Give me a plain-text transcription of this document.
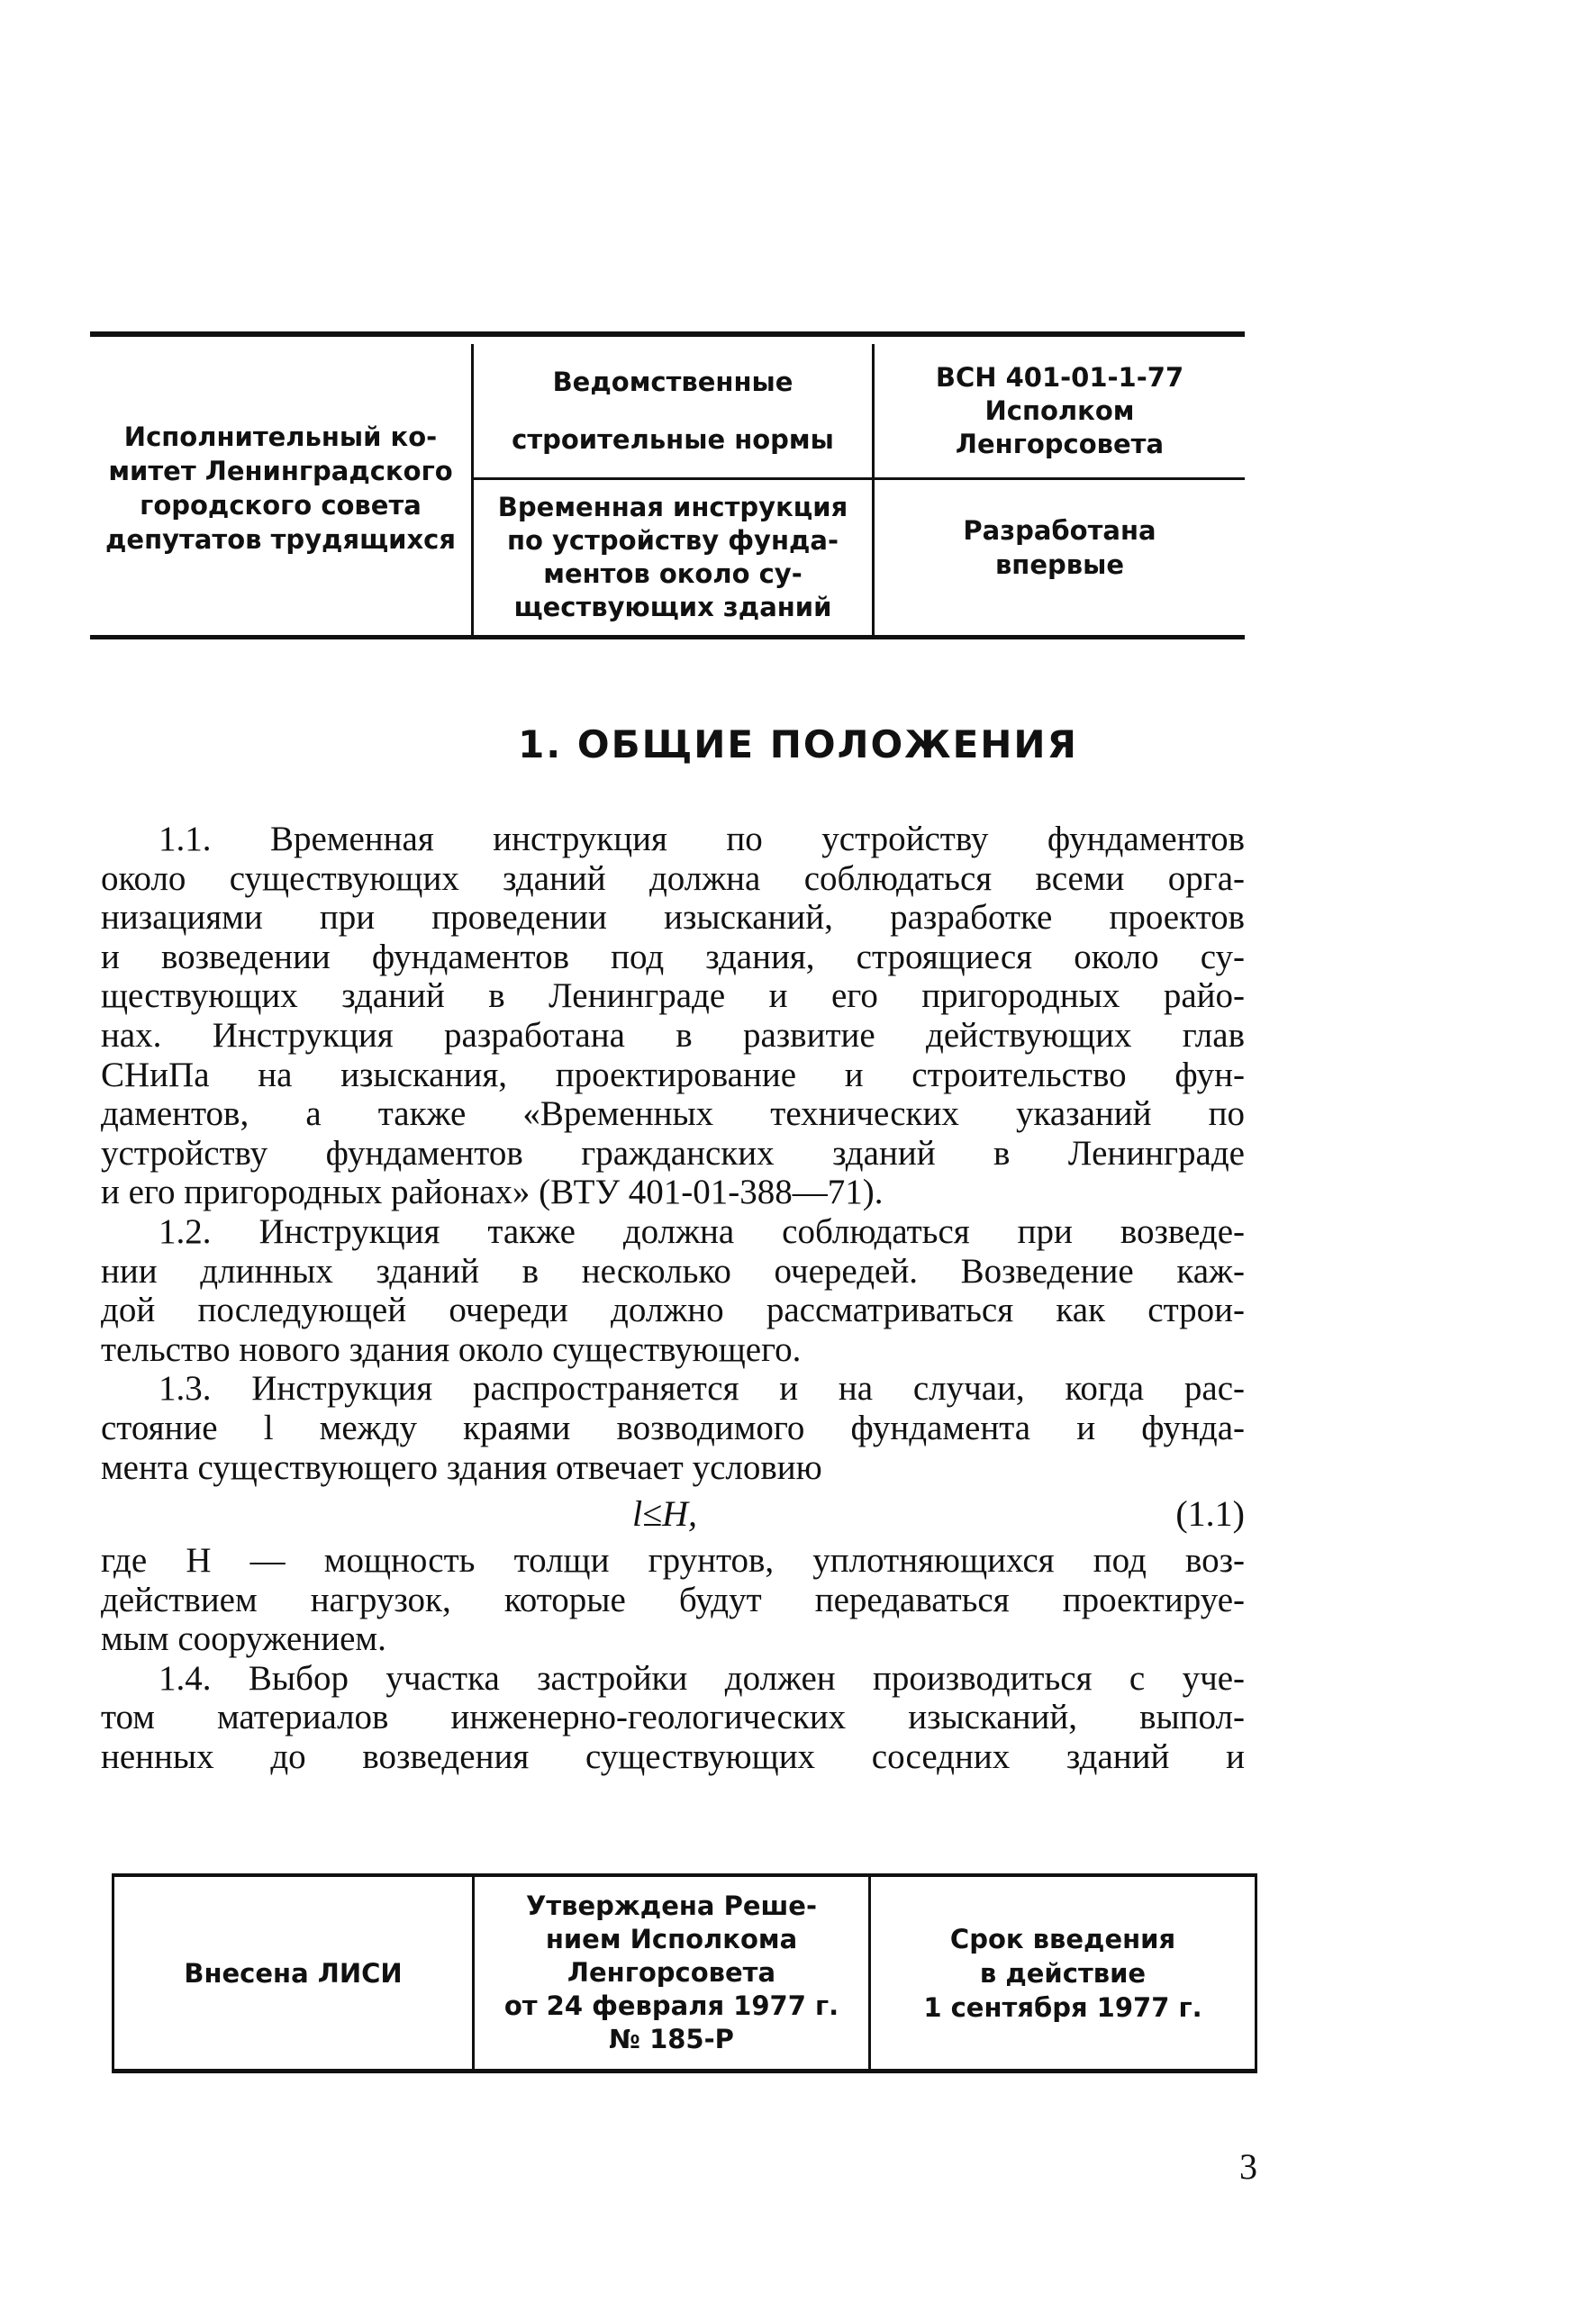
Исполнительный ко-
митет Ленинградского
городского совета
депутатов трудящихся
Ведомственные
строительные нормы
ВСН 401-01-1-77
Исполком
Ленгорсовета
Временная инструкция
по устройству фунда-
ментов около су-
ществующих зданий
Разработана
впервые
1. ОБЩИЕ ПОЛОЖЕНИЯ
1.1. Временная инструкция по устройству фундаментов
около существующих зданий должна соблюдаться всеми орга-
низациями при проведении изысканий, разработке проектов
и возведении фундаментов под здания, строящиеся около су-
ществующих зданий в Ленинграде и его пригородных райо-
нах. Инструкция разработана в развитие действующих глав
СНиПа на изыскания, проектирование и строительство фун-
даментов, а также «Временных технических указаний по
устройству фундаментов гражданских зданий в Ленинграде
и его пригородных районах» (ВТУ 401-01-388—71).
1.2. Инструкция также должна соблюдаться при возведе-
нии длинных зданий в несколько очередей. Возведение каж-
дой последующей очереди должно рассматриваться как строи-
тельство нового здания около существующего.
1.3. Инструкция распространяется и на случаи, когда рас-
стояние l между краями возводимого фундамента и фунда-
мента существующего здания отвечает условию
l≤H,	(1.1)
где H — мощность толщи грунтов, уплотняющихся под воз-
действием нагрузок, которые будут передаваться проектируе-
мым сооружением.
1.4. Выбор участка застройки должен производиться с уче-
том материалов инженерно-геологических изысканий, выпол-
ненных до возведения существующих соседних зданий и
Внесена ЛИСИ
Утверждена Реше-
нием Исполкома
Ленгорсовета
от 24 февраля 1977 г.
№ 185-Р
Срок введения
в действие
1 сентября 1977 г.
3
